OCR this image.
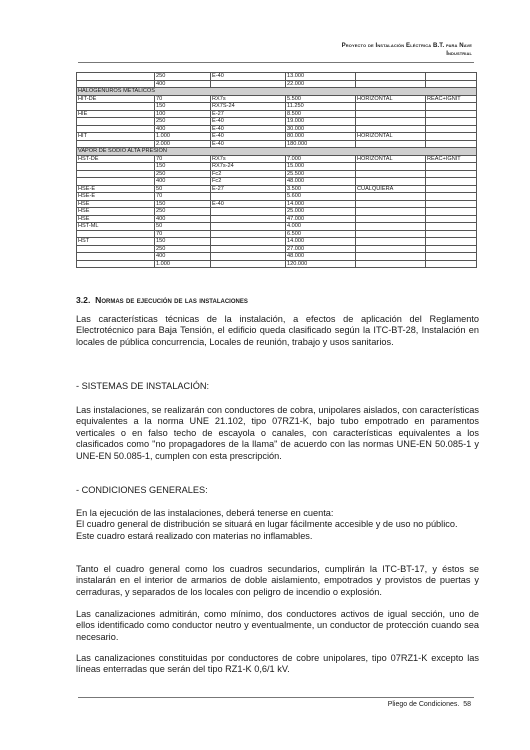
Proyecto de Instalación Eléctrica B.T. para Nave
Industrial
	250	E-40	13.000		
	400		22.000		
HALOGENUROS METALICOS					
HIT-DE	70	RX7s	5.500	HORIZONTAL	REAC+IGNIT
	150	RX7S-24	11.250		
HIE	100	E-27	8.500		
	250	E-40	19.000		
	400	E-40	30.000		
HIT	1.000	E-40	80.000	HORIZONTAL	
	2.000	E-40	180.000		
VAPOR DE SODIO ALTA PRESION					
HST-DE	70	RX7s	7.000	HORIZONTAL	REAC+IGNIT
	150	RX7s-24	15.000		
	250	Fc2	25.500		
	400	Fc2	48.000		
HSE-E	50	E-27	3.500	CUALQUIERA	
HSE-E	70		5.600		
HSE	150	E-40	14.000		
HSE	250		25.000		
HSE	400		47.000		
HST-ML	50		4.000		
	70		6.500		
HST	150		14.000		
	250		27.000		
	400		48.000		
	1.000		120.000		
3.2. Normas de ejecución de las instalaciones

Las características técnicas de la instalación, a efectos de aplicación del Reglamento Electrotécnico para Baja Tensión, el edificio queda clasificado según la ITC-BT-28, Instalación en locales de pública concurrencia, Locales de reunión, trabajo y usos sanitarios.

- SISTEMAS DE INSTALACIÓN:

Las instalaciones, se realizarán con conductores de cobra, unipolares aislados, con características equivalentes a la norma UNE 21.102, tipo 07RZ1-K, bajo tubo empotrado en paramentos verticales o en falso techo de escayola o canales, con características equivalentes a los clasificados como "no propagadores de la llama" de acuerdo con las normas UNE-EN 50.085-1 y UNE-EN 50.085-1, cumplen con esta prescripción.

- CONDICIONES GENERALES:

En la ejecución de las instalaciones, deberá tenerse en cuenta:

El cuadro general de distribución se situará en lugar fácilmente accesible y de uso no público.

Este cuadro estará realizado con materias no inflamables.

Tanto el cuadro general como los cuadros secundarios, cumplirán la ITC-BT-17, y éstos se instalarán en el interior de armarios de doble aislamiento, empotrados y provistos de puertas y cerraduras, y separados de los locales con peligro de incendio o explosión.

Las canalizaciones admitirán, como mínimo, dos conductores activos de igual sección, uno de ellos identificado como conductor neutro y eventualmente, un conductor de protección cuando sea necesario.

Las canalizaciones constituidas por conductores de cobre unipolares, tipo 07RZ1-K excepto las líneas enterradas que serán del tipo RZ1-K 0,6/1 kV.

Pliego de Condiciones. 58
